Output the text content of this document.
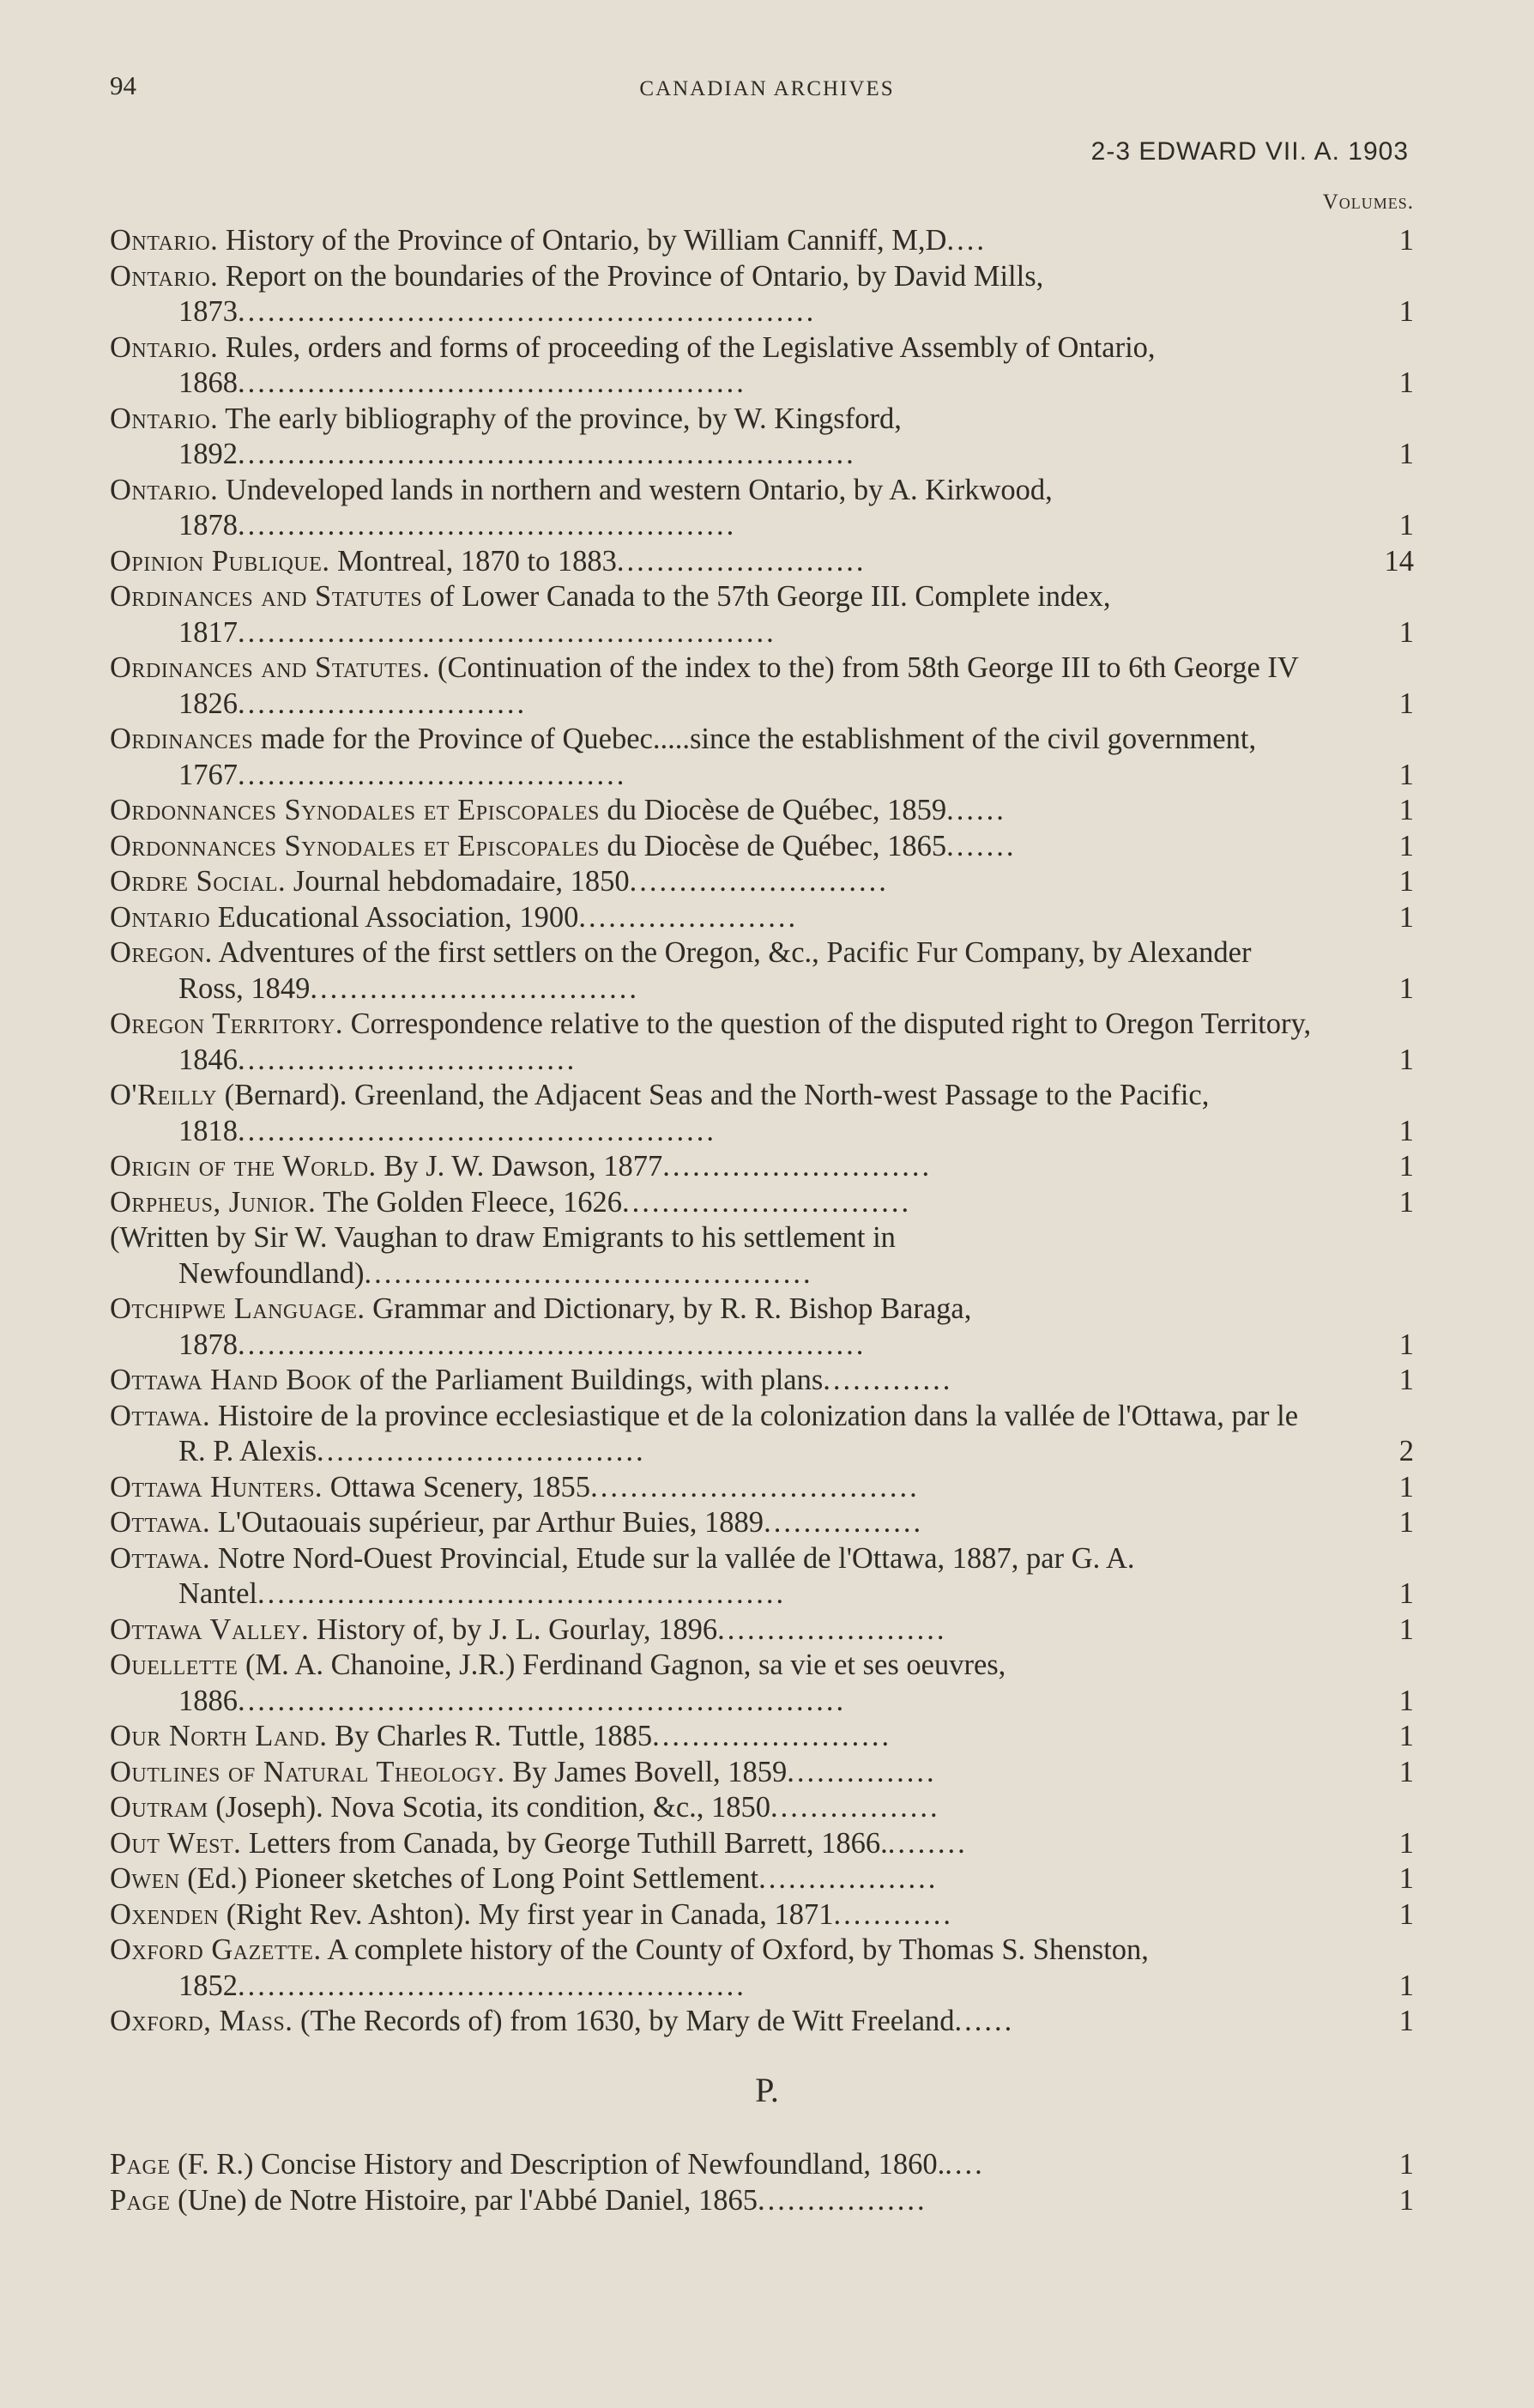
94	CANADIAN ARCHIVES
2-3 EDWARD VII. A. 1903
Volumes.
Ontario. History of the Province of Ontario, by William Canniff, M,D....	1
Ontario. Report on the boundaries of the Province of Ontario, by David Mills, 1873..........................................................	1
Ontario. Rules, orders and forms of proceeding of the Legislative Assembly of Ontario, 1868...................................................	1
Ontario. The early bibliography of the province, by W. Kingsford, 1892..............................................................	1
Ontario. Undeveloped lands in northern and western Ontario, by A. Kirkwood, 1878..................................................	1
Opinion Publique. Montreal, 1870 to 1883.........................	14
Ordinances and Statutes of Lower Canada to the 57th George III. Complete index, 1817......................................................	1
Ordinances and Statutes. (Continuation of the index to the) from 58th George III to 6th George IV 1826.............................	1
Ordinances made for the Province of Quebec.....since the establishment of the civil government, 1767.......................................	1
Ordonnances Synodales et Episcopales du Diocèse de Québec, 1859......	1
Ordonnances Synodales et Episcopales du Diocèse de Québec, 1865.......	1
Ordre Social. Journal hebdomadaire, 1850..........................	1
Ontario Educational Association, 1900......................	1
Oregon. Adventures of the first settlers on the Oregon, &c., Pacific Fur Company, by Alexander Ross, 1849.................................	1
Oregon Territory. Correspondence relative to the question of the disputed right to Oregon Territory, 1846..................................	1
O'Reilly (Bernard). Greenland, the Adjacent Seas and the North-west Passage to the Pacific, 1818................................................	1
Origin of the World. By J. W. Dawson, 1877...........................	1
Orpheus, Junior. The Golden Fleece, 1626.............................	1
(Written by Sir W. Vaughan to draw Emigrants to his settlement in Newfoundland).............................................
Otchipwe Language. Grammar and Dictionary, by R. R. Bishop Baraga, 1878...............................................................	1
Ottawa Hand Book of the Parliament Buildings, with plans.............	1
Ottawa. Histoire de la province ecclesiastique et de la colonization dans la vallée de l'Ottawa, par le R. P. Alexis.................................	2
Ottawa Hunters. Ottawa Scenery, 1855.................................	1
Ottawa. L'Outaouais supérieur, par Arthur Buies, 1889................	1
Ottawa. Notre Nord-Ouest Provincial, Etude sur la vallée de l'Ottawa, 1887, par G. A. Nantel.....................................................	1
Ottawa Valley. History of, by J. L. Gourlay, 1896.......................	1
Ouellette (M. A. Chanoine, J.R.) Ferdinand Gagnon, sa vie et ses oeuvres, 1886.............................................................	1
Our North Land. By Charles R. Tuttle, 1885........................	1
Outlines of Natural Theology. By James Bovell, 1859...............	1
Outram (Joseph). Nova Scotia, its condition, &c., 1850.................
Out West. Letters from Canada, by George Tuthill Barrett, 1866.........	1
Owen (Ed.) Pioneer sketches of Long Point Settlement..................	1
Oxenden (Right Rev. Ashton). My first year in Canada, 1871............	1
Oxford Gazette. A complete history of the County of Oxford, by Thomas S. Shenston, 1852...................................................	1
Oxford, Mass. (The Records of) from 1630, by Mary de Witt Freeland......	1
P.
Page (F. R.) Concise History and Description of Newfoundland, 1860.....	1
Page (Une) de Notre Histoire, par l'Abbé Daniel, 1865.................	1
